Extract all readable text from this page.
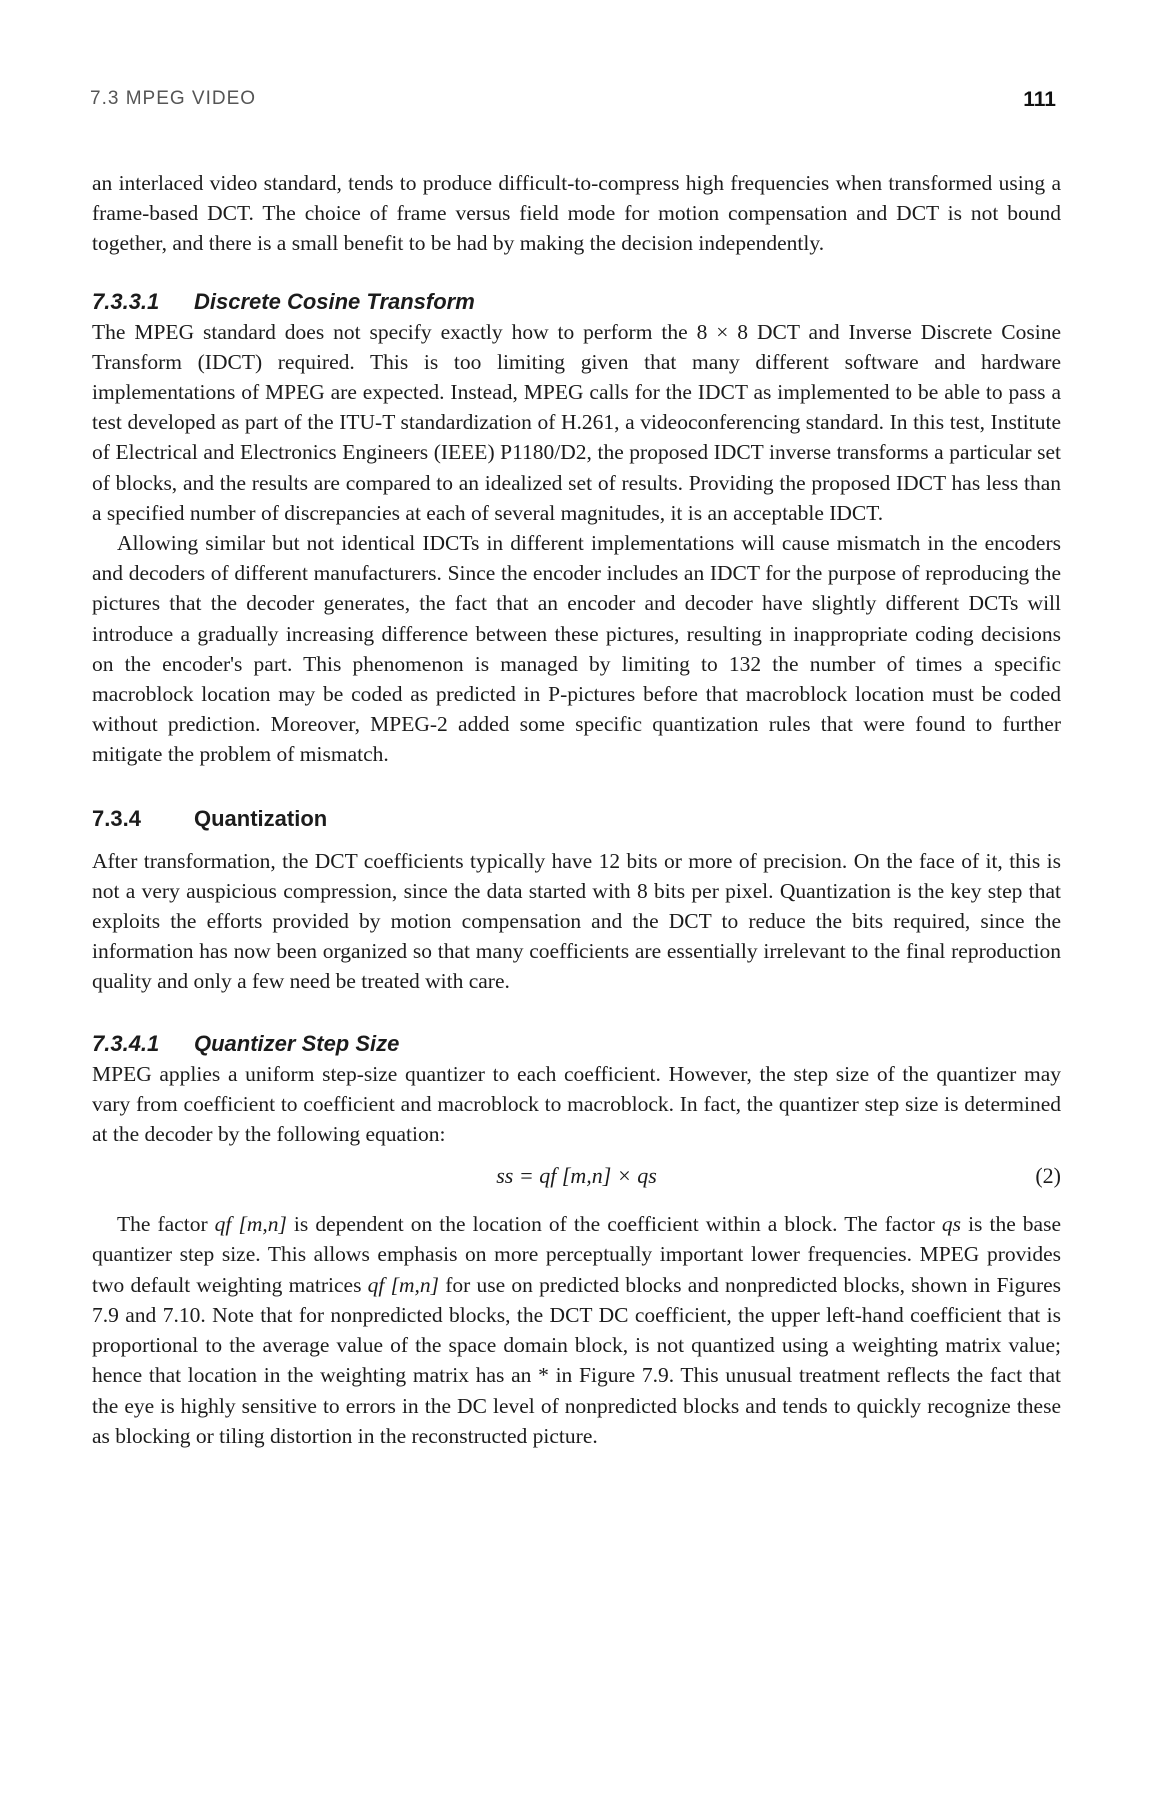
7.3 MPEG VIDEO	111

an interlaced video standard, tends to produce difficult-to-compress high frequencies when transformed using a frame-based DCT. The choice of frame versus field mode for motion compensation and DCT is not bound together, and there is a small benefit to be had by making the decision independently.

7.3.3.1 Discrete Cosine Transform

The MPEG standard does not specify exactly how to perform the 8 × 8 DCT and Inverse Discrete Cosine Transform (IDCT) required. This is too limiting given that many different software and hardware implementations of MPEG are expected. Instead, MPEG calls for the IDCT as implemented to be able to pass a test developed as part of the ITU-T standardization of H.261, a videoconferencing standard. In this test, Institute of Electrical and Electronics Engineers (IEEE) P1180/D2, the proposed IDCT inverse transforms a particular set of blocks, and the results are compared to an idealized set of results. Providing the proposed IDCT has less than a specified number of discrepancies at each of several magnitudes, it is an acceptable IDCT.

Allowing similar but not identical IDCTs in different implementations will cause mismatch in the encoders and decoders of different manufacturers. Since the encoder includes an IDCT for the purpose of reproducing the pictures that the decoder generates, the fact that an encoder and decoder have slightly different DCTs will introduce a gradually increasing difference between these pictures, resulting in inappropriate coding decisions on the encoder's part. This phenomenon is managed by limiting to 132 the number of times a specific macroblock location may be coded as predicted in P-pictures before that macroblock location must be coded without prediction. Moreover, MPEG-2 added some specific quantization rules that were found to further mitigate the problem of mismatch.

7.3.4 Quantization

After transformation, the DCT coefficients typically have 12 bits or more of precision. On the face of it, this is not a very auspicious compression, since the data started with 8 bits per pixel. Quantization is the key step that exploits the efforts provided by motion compensation and the DCT to reduce the bits required, since the information has now been organized so that many coefficients are essentially irrelevant to the final reproduction quality and only a few need be treated with care.

7.3.4.1 Quantizer Step Size

MPEG applies a uniform step-size quantizer to each coefficient. However, the step size of the quantizer may vary from coefficient to coefficient and macroblock to macroblock. In fact, the quantizer step size is determined at the decoder by the following equation:

ss = qf [m,n] × qs	(2)

The factor qf [m,n] is dependent on the location of the coefficient within a block. The factor qs is the base quantizer step size. This allows emphasis on more perceptually important lower frequencies. MPEG provides two default weighting matrices qf [m,n] for use on predicted blocks and nonpredicted blocks, shown in Figures 7.9 and 7.10. Note that for nonpredicted blocks, the DCT DC coefficient, the upper left-hand coefficient that is proportional to the average value of the space domain block, is not quantized using a weighting matrix value; hence that location in the weighting matrix has an * in Figure 7.9. This unusual treatment reflects the fact that the eye is highly sensitive to errors in the DC level of nonpredicted blocks and tends to quickly recognize these as blocking or tiling distortion in the reconstructed picture.
